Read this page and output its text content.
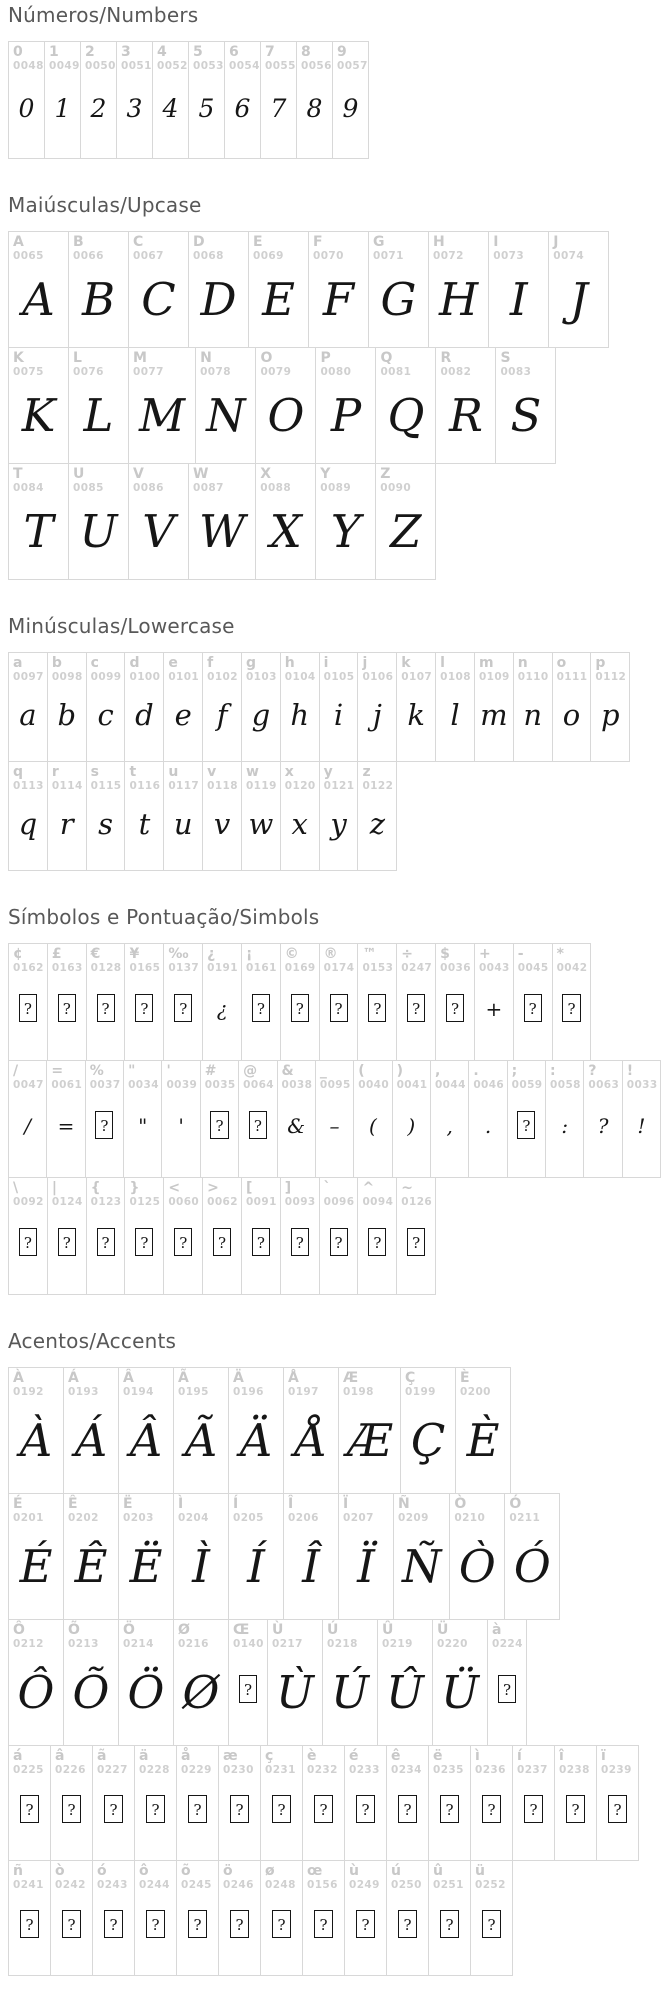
Números/Numbers
0
0048
0
1
0049
1
2
0050
2
3
0051
3
4
0052
4
5
0053
5
6
0054
6
7
0055
7
8
0056
8
9
0057
9
Maiúsculas/Upcase
A
0065
A
B
0066
B
C
0067
C
D
0068
D
E
0069
E
F
0070
F
G
0071
G
H
0072
H
I
0073
I
J
0074
J
K
0075
K
L
0076
L
M
0077
M
N
0078
N
O
0079
O
P
0080
P
Q
0081
Q
R
0082
R
S
0083
S
T
0084
T
U
0085
U
V
0086
V
W
0087
W
X
0088
X
Y
0089
Y
Z
0090
Z
Minúsculas/Lowercase
a
0097
a
b
0098
b
c
0099
c
d
0100
d
e
0101
e
f
0102
f
g
0103
g
h
0104
h
i
0105
i
j
0106
j
k
0107
k
l
0108
l
m
0109
m
n
0110
n
o
0111
o
p
0112
p
q
0113
q
r
0114
r
s
0115
s
t
0116
t
u
0117
u
v
0118
v
w
0119
w
x
0120
x
y
0121
y
z
0122
z
Símbolos e Pontuação/Simbols
¢
0162
?
£
0163
?
€
0128
?
¥
0165
?
‰
0137
?
¿
0191
¿
¡
0161
?
©
0169
?
®
0174
?
™
0153
?
÷
0247
?
$
0036
?
+
0043
+
-
0045
?
*
0042
?
/
0047
/
=
0061
=
%
0037
?
"
0034
"
'
0039
'
#
0035
?
@
0064
?
&
0038
&
_
0095
–
(
0040
(
)
0041
)
,
0044
,
.
0046
.
;
0059
?
:
0058
:
?
0063
?
!
0033
!
\
0092
?
|
0124
?
{
0123
?
}
0125
?
<
0060
?
>
0062
?
[
0091
?
]
0093
?
`
0096
?
^
0094
?
~
0126
?
Acentos/Accents
À
0192
À
Á
0193
Á
Â
0194
Â
Ã
0195
Ã
Ä
0196
Ä
Å
0197
Å
Æ
0198
Æ
Ç
0199
Ç
È
0200
È
É
0201
É
Ê
0202
Ê
Ë
0203
Ë
Ì
0204
Ì
Í
0205
Í
Î
0206
Î
Ï
0207
Ï
Ñ
0209
Ñ
Ò
0210
Ò
Ó
0211
Ó
Ô
0212
Ô
Õ
0213
Õ
Ö
0214
Ö
Ø
0216
Ø
Œ
0140
?
Ù
0217
Ù
Ú
0218
Ú
Û
0219
Û
Ü
0220
Ü
à
0224
?
á
0225
?
â
0226
?
ã
0227
?
ä
0228
?
å
0229
?
æ
0230
?
ç
0231
?
è
0232
?
é
0233
?
ê
0234
?
ë
0235
?
ì
0236
?
í
0237
?
î
0238
?
ï
0239
?
ñ
0241
?
ò
0242
?
ó
0243
?
ô
0244
?
õ
0245
?
ö
0246
?
ø
0248
?
œ
0156
?
ù
0249
?
ú
0250
?
û
0251
?
ü
0252
?
